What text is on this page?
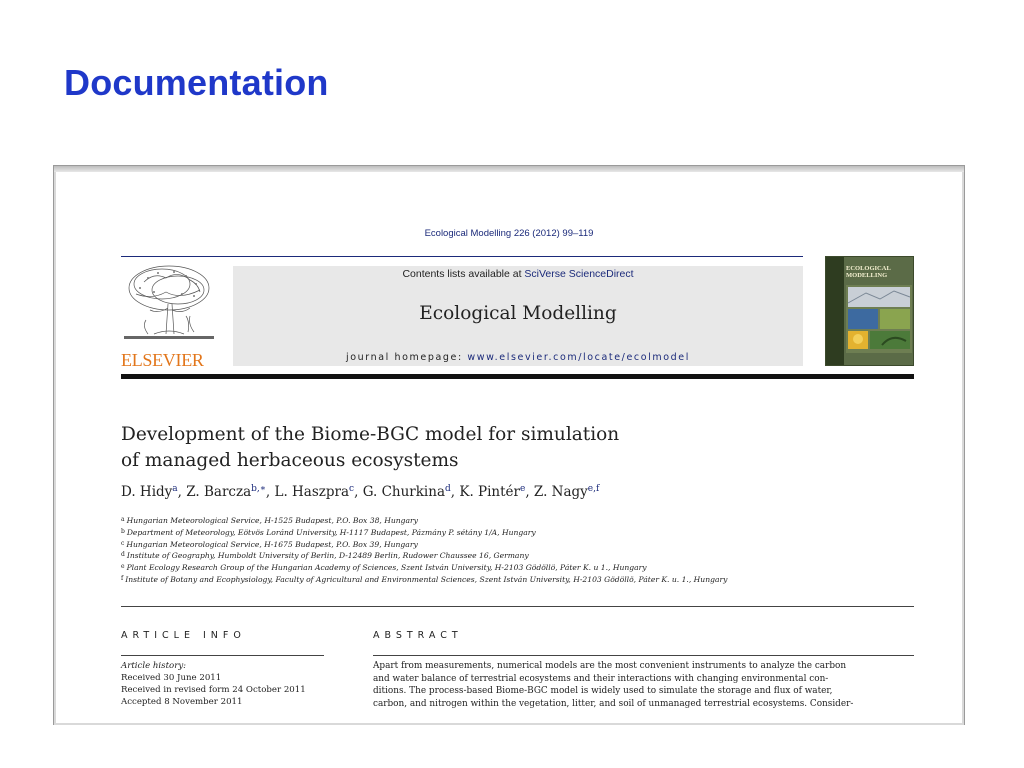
Documentation
Ecological Modelling 226 (2012) 99–119
ELSEVIER
Contents lists available at SciVerse ScienceDirect
Ecological Modelling
journal homepage: www.elsevier.com/locate/ecolmodel
ECOLOGICAL MODELLING
Development of the Biome-BGC model for simulation
of managed herbaceous ecosystems
D. Hidy$^a$, Z. Barcza$^{b,∗}$, L. Haszpra$^c$, G. Churkina$^d$, K. Pintér$^e$, Z. Nagy$^{e,f}$
$^a$ Hungarian Meteorological Service, H-1525 Budapest, P.O. Box 38, Hungary
$^b$ Department of Meteorology, Eötvös Loránd University, H-1117 Budapest, Pázmány P. sétány 1/A, Hungary
$^c$ Hungarian Meteorological Service, H-1675 Budapest, P.O. Box 39, Hungary
$^d$ Institute of Geography, Humboldt University of Berlin, D-12489 Berlin, Rudower Chaussee 16, Germany
$^e$ Plant Ecology Research Group of the Hungarian Academy of Sciences, Szent István University, H-2103 Gödöllö, Páter K. u 1., Hungary
$^f$ Institute of Botany and Ecophysiology, Faculty of Agricultural and Environmental Sciences, Szent István University, H-2103 Gödöllö, Páter K. u. 1., Hungary
ARTICLE INFO	ABSTRACT
Article history:
Received 30 June 2011
Received in revised form 24 October 2011
Accepted 8 November 2011
Apart from measurements, numerical models are the most convenient instruments to analyze the carbon
and water balance of terrestrial ecosystems and their interactions with changing environmental con-
ditions. The process-based Biome-BGC model is widely used to simulate the storage and flux of water,
carbon, and nitrogen within the vegetation, litter, and soil of unmanaged terrestrial ecosystems. Consider-
